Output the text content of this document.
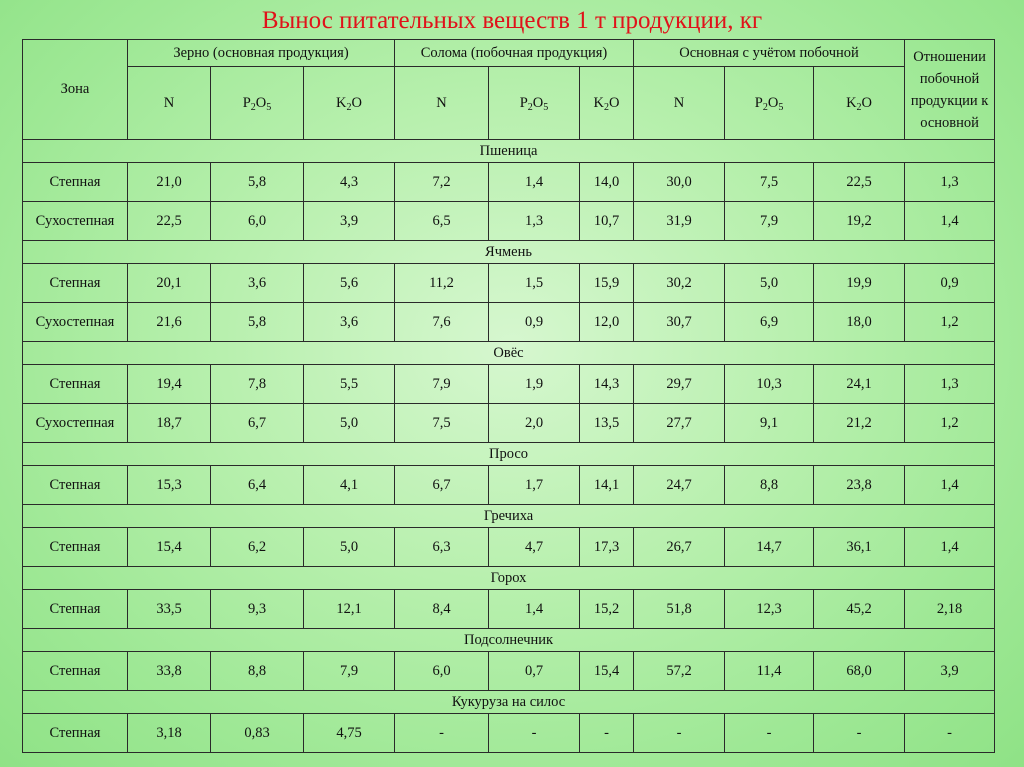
Вынос питательных веществ 1 т продукции, кг
Зона	Зерно (основная продукция)			Солома (побочная продукция)			Основная с учётом побочной			Отношении побочной продукции к основной
	N	$P_2O_5$	$K_2O$	N	$P_2O_5$	$K_2O$	N	$P_2O_5$	$K_2O$	
Пшеница										
Степная	21,0	5,8	4,3	7,2	1,4	14,0	30,0	7,5	22,5	1,3
Сухостепная	22,5	6,0	3,9	6,5	1,3	10,7	31,9	7,9	19,2	1,4
Ячмень										
Степная	20,1	3,6	5,6	11,2	1,5	15,9	30,2	5,0	19,9	0,9
Сухостепная	21,6	5,8	3,6	7,6	0,9	12,0	30,7	6,9	18,0	1,2
Овёс										
Степная	19,4	7,8	5,5	7,9	1,9	14,3	29,7	10,3	24,1	1,3
Сухостепная	18,7	6,7	5,0	7,5	2,0	13,5	27,7	9,1	21,2	1,2
Просо										
Степная	15,3	6,4	4,1	6,7	1,7	14,1	24,7	8,8	23,8	1,4
Гречиха										
Степная	15,4	6,2	5,0	6,3	4,7	17,3	26,7	14,7	36,1	1,4
Горох										
Степная	33,5	9,3	12,1	8,4	1,4	15,2	51,8	12,3	45,2	2,18
Подсолнечник										
Степная	33,8	8,8	7,9	6,0	0,7	15,4	57,2	11,4	68,0	3,9
Кукуруза на силос										
Степная	3,18	0,83	4,75	-	-	-	-	-	-	-
